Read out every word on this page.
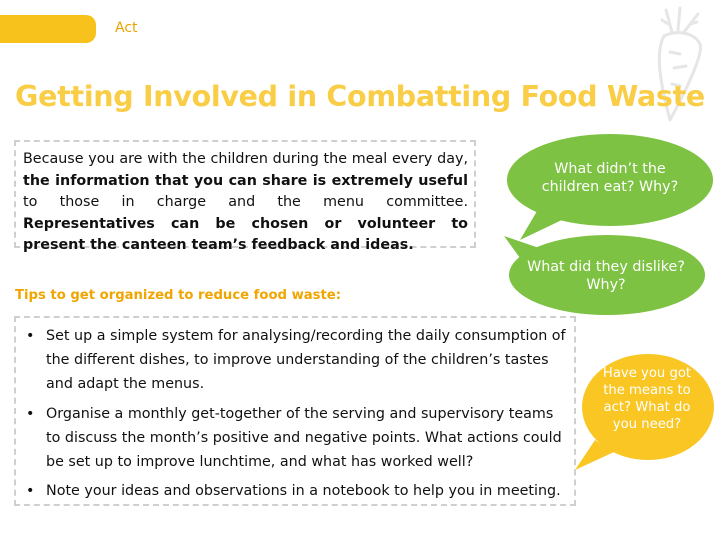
Act
Getting Involved in Combatting Food Waste
Because you are with the children during the meal every day, the information that you can share is extremely useful to those in charge and the menu committee. Representatives can be chosen or volunteer to present the canteen team’s feedback and ideas.
Tips to get organized to reduce food waste:
• Set up a simple system for analysing/recording the daily consumption of the different dishes, to improve understanding of the children’s tastes and adapt the menus.
• Organise a monthly get-together of the serving and supervisory teams to discuss the month’s positive and negative points. What actions could be set up to improve lunchtime, and what has worked well?
• Note your ideas and observations in a notebook to help you in meeting.
What didn’t the children eat? Why?
What did they dislike? Why?
Have you got the means to act? What do you need?
